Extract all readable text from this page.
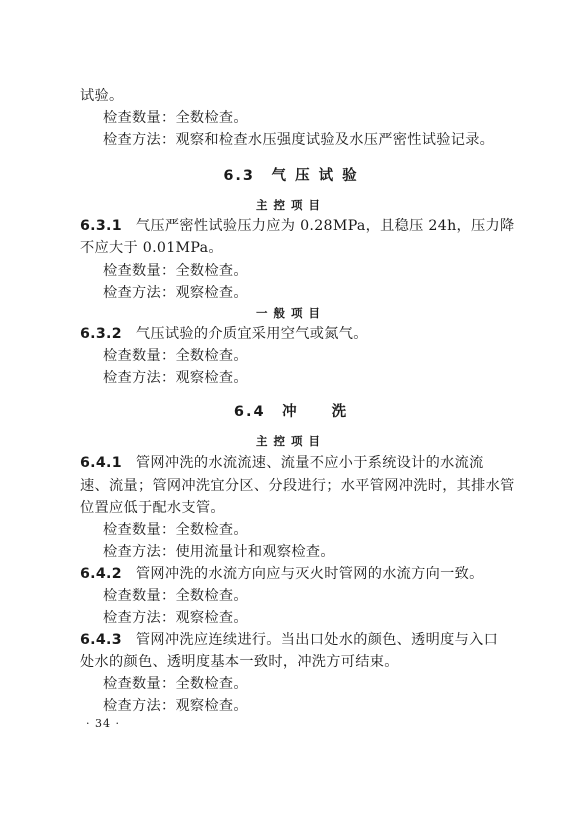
试验。
检查数量：全数检查。
检查方法：观察和检查水压强度试验及水压严密性试验记录。
6.3　气 压 试 验
主控项目
6.3.1 气压严密性试验压力应为 0.28MPa，且稳压 24h，压力降
不应大于 0.01MPa。
检查数量：全数检查。
检查方法：观察检查。
一般项目
6.3.2 气压试验的介质宜采用空气或氮气。
检查数量：全数检查。
检查方法：观察检查。
6.4　冲　　洗
主控项目
6.4.1 管网冲洗的水流流速、流量不应小于系统设计的水流流
速、流量；管网冲洗宜分区、分段进行；水平管网冲洗时，其排水管
位置应低于配水支管。
检查数量：全数检查。
检查方法：使用流量计和观察检查。
6.4.2 管网冲洗的水流方向应与灭火时管网的水流方向一致。
检查数量：全数检查。
检查方法：观察检查。
6.4.3 管网冲洗应连续进行。当出口处水的颜色、透明度与入口
处水的颜色、透明度基本一致时，冲洗方可结束。
检查数量：全数检查。
检查方法：观察检查。
· 34 ·
